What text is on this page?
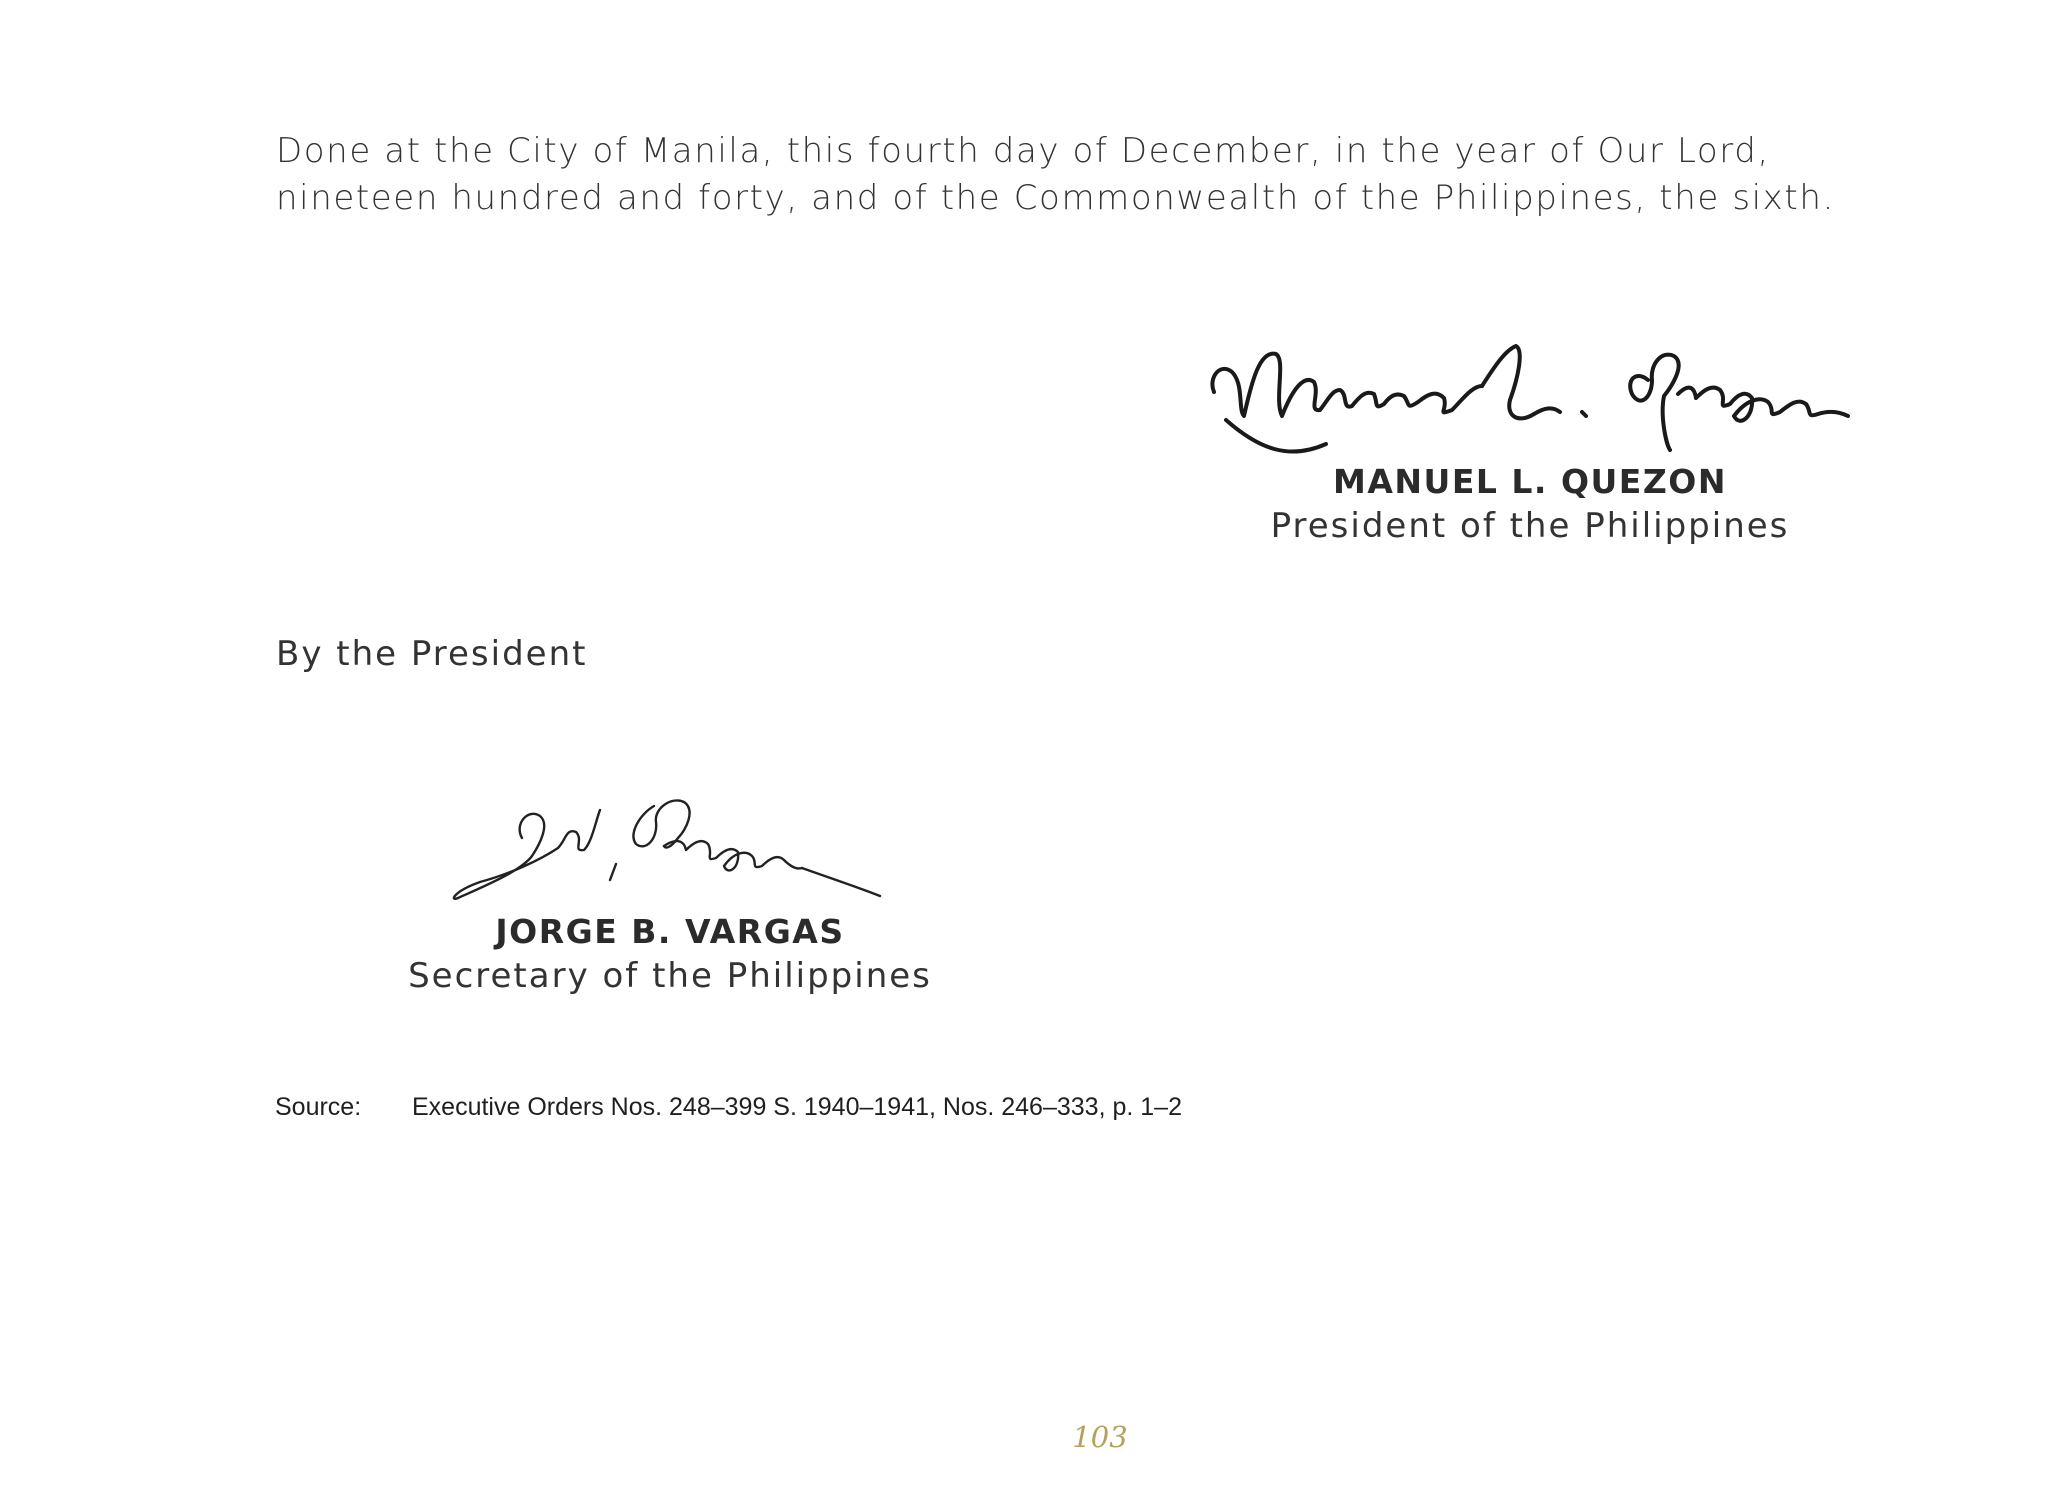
Done at the City of Manila, this fourth day of December, in the year of Our Lord,
nineteen hundred and forty, and of the Commonwealth of the Philippines, the sixth.

MANUEL L. QUEZON
President of the Philippines

By the President

JORGE B. VARGAS
Secretary of the Philippines
Source: Executive Orders Nos. 248–399 S. 1940–1941, Nos. 246–333, p. 1–2
103
